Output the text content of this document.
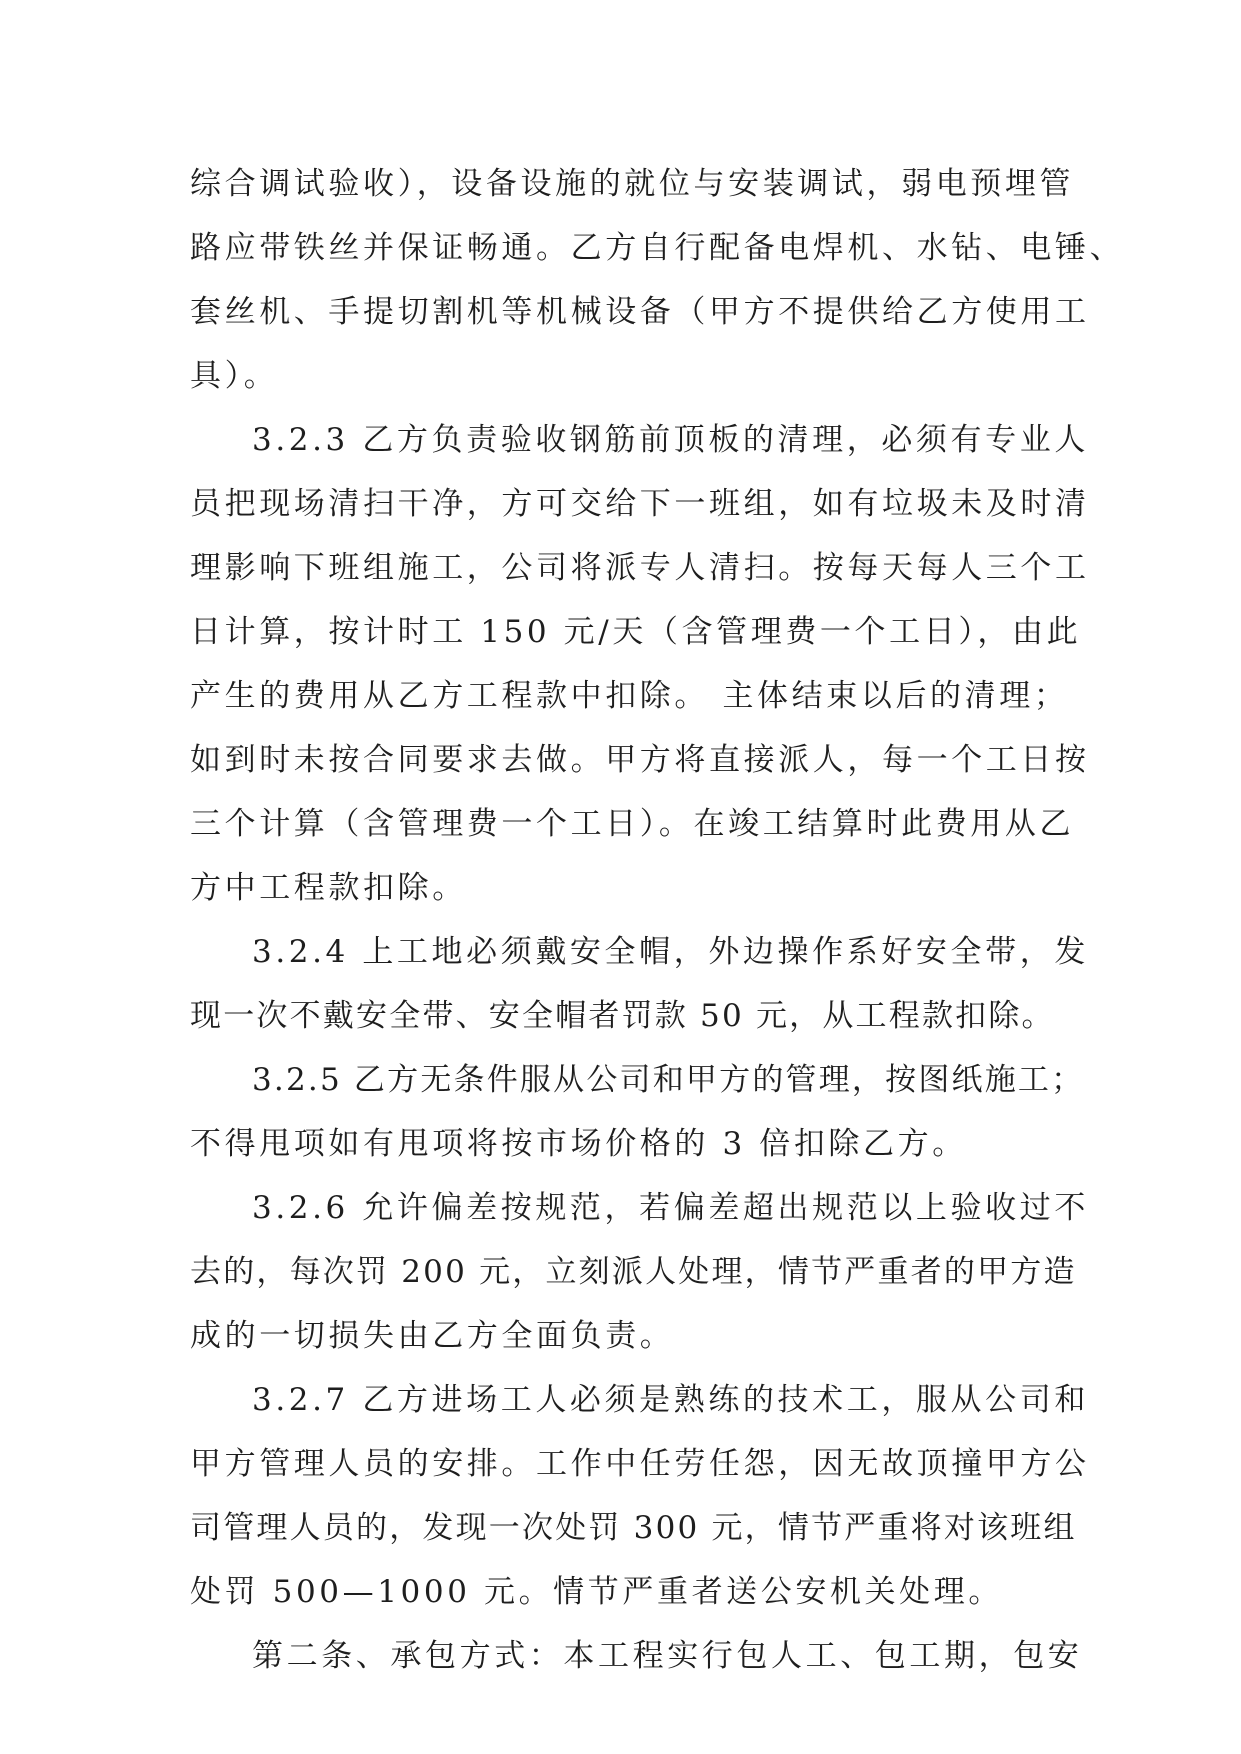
综合调试验收），设备设施的就位与安装调试，弱电预埋管
路应带铁丝并保证畅通。乙方自行配备电焊机、水钻、电锤、
套丝机、手提切割机等机械设备（甲方不提供给乙方使用工
具）。
3.2.3 乙方负责验收钢筋前顶板的清理，必须有专业人
员把现场清扫干净，方可交给下一班组，如有垃圾未及时清
理影响下班组施工，公司将派专人清扫。按每天每人三个工
日计算，按计时工 150 元/天（含管理费一个工日），由此
产生的费用从乙方工程款中扣除。 主体结束以后的清理；
如到时未按合同要求去做。甲方将直接派人，每一个工日按
三个计算（含管理费一个工日）。在竣工结算时此费用从乙
方中工程款扣除。
3.2.4 上工地必须戴安全帽，外边操作系好安全带，发
现一次不戴安全带、安全帽者罚款 50 元，从工程款扣除。
3.2.5 乙方无条件服从公司和甲方的管理，按图纸施工；
不得甩项如有甩项将按市场价格的 3 倍扣除乙方。
3.2.6 允许偏差按规范，若偏差超出规范以上验收过不
去的，每次罚 200 元，立刻派人处理，情节严重者的甲方造
成的一切损失由乙方全面负责。
3.2.7 乙方进场工人必须是熟练的技术工，服从公司和
甲方管理人员的安排。工作中任劳任怨，因无故顶撞甲方公
司管理人员的，发现一次处罚 300 元，情节严重将对该班组
处罚 500—1000 元。情节严重者送公安机关处理。
第二条、承包方式：本工程实行包人工、包工期，包安
